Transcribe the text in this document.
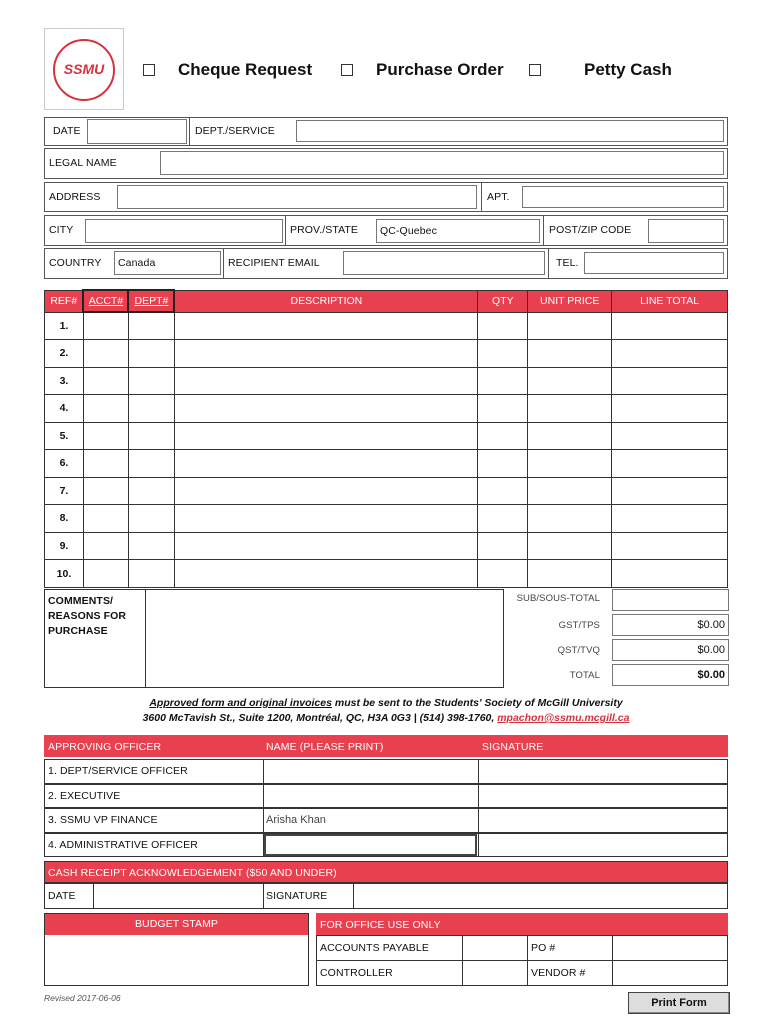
SSMU	Cheque Request	Purchase Order	Petty Cash
DATE	DEPT./SERVICE
LEGAL NAME
ADDRESS	APT.
CITY	PROV./STATE QC-Quebec	POST/ZIP CODE
COUNTRY Canada	RECIPIENT EMAIL	TEL.
REF#	ACCT#	DEPT#	DESCRIPTION	QTY	UNIT PRICE	LINE TOTAL
1.						
2.						
3.						
4.						
5.						
6.						
7.						
8.						
9.						
10.						
COMMENTS/ REASONS FOR PURCHASE
SUB/SOUS-TOTAL
GST/TPS	$0.00
QST/TVQ	$0.00
TOTAL	$0.00
Approved form and original invoices must be sent to the Students' Society of McGill University
3600 McTavish St., Suite 1200, Montréal, QC, H3A 0G3 | (514) 398-1760, mpachon@ssmu.mcgill.ca
APPROVING OFFICER	NAME (PLEASE PRINT)	SIGNATURE
1. DEPT/SERVICE OFFICER
2. EXECUTIVE
3. SSMU VP FINANCE	Arisha Khan
4. ADMINISTRATIVE OFFICER
CASH RECEIPT ACKNOWLEDGEMENT ($50 AND UNDER)
DATE	SIGNATURE
BUDGET STAMP	FOR OFFICE USE ONLY
ACCOUNTS PAYABLE	PO #
CONTROLLER	VENDOR #
Revised 2017-06-06	Print Form
